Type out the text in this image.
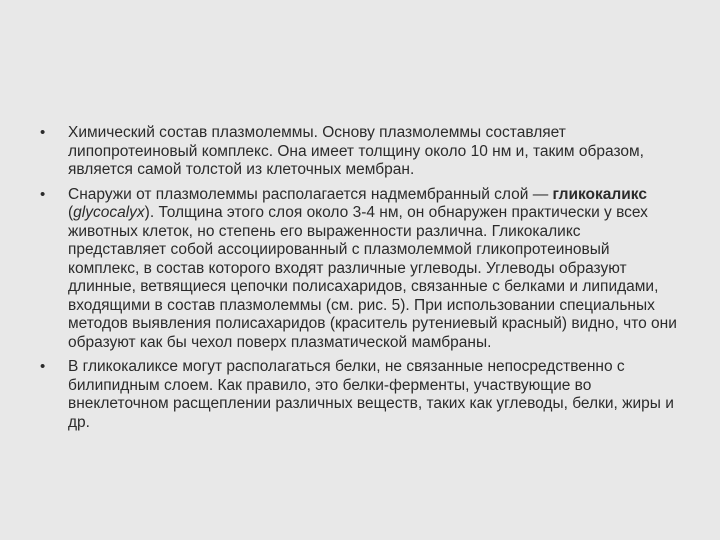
•	Химический состав плазмолеммы. Основу плазмолеммы составляет липопротеиновый комплекс. Она имеет толщину около 10 нм и, таким образом, является самой толстой из клеточных мембран.
•	Снаружи от плазмолеммы располагается надмембранный слой — гликокаликс (glycocalyx). Толщина этого слоя около 3-4 нм, он обнаружен практически у всех животных клеток, но степень его выраженности различна. Гликокаликс представляет собой ассоциированный с плазмолеммой гликопротеиновый комплекс, в состав которого входят различные углеводы. Углеводы образуют длинные, ветвящиеся цепочки полисахаридов, связанные с белками и липидами, входящими в состав плазмолеммы (см. рис. 5). При использовании специальных методов выявления полисахаридов (краситель рутениевый красный) видно, что они образуют как бы чехол поверх плазматической мамбраны.
•	В гликокаликсе могут располагаться белки, не связанные непосредственно с билипидным слоем. Как правило, это белки-ферменты, участвующие во внеклеточном расщеплении различных веществ, таких как углеводы, белки, жиры и др.
